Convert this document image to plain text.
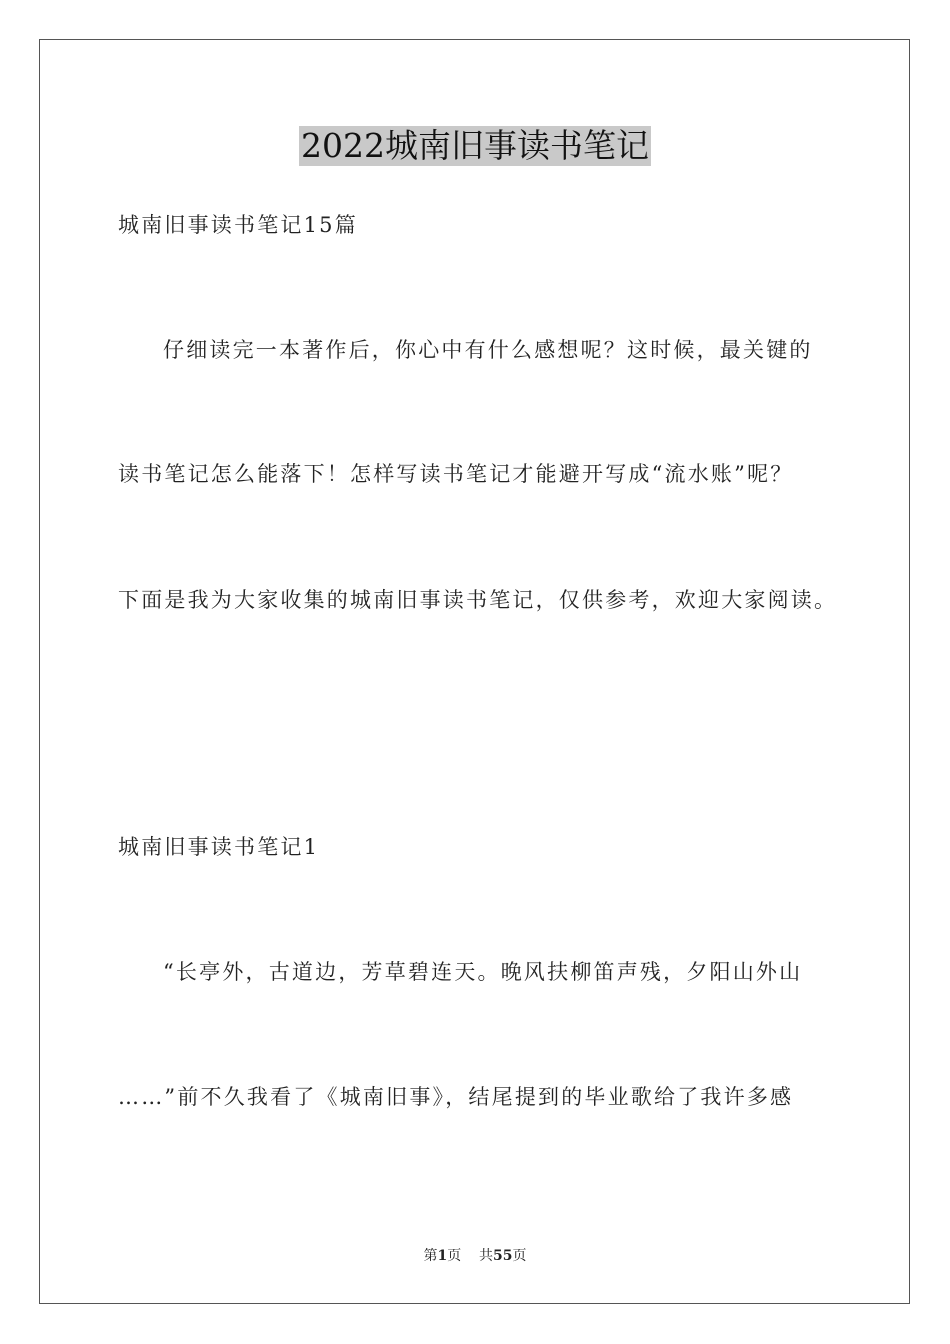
2022城南旧事读书笔记
城南旧事读书笔记15篇
仔细读完一本著作后，你心中有什么感想呢？这时候，最关键的
读书笔记怎么能落下！怎样写读书笔记才能避开写成“流水账”呢？
下面是我为大家收集的城南旧事读书笔记，仅供参考，欢迎大家阅读。
城南旧事读书笔记1
“长亭外，古道边，芳草碧连天。晚风扶柳笛声残，夕阳山外山
……”前不久我看了《城南旧事》，结尾提到的毕业歌给了我许多感
第1页 共55页
